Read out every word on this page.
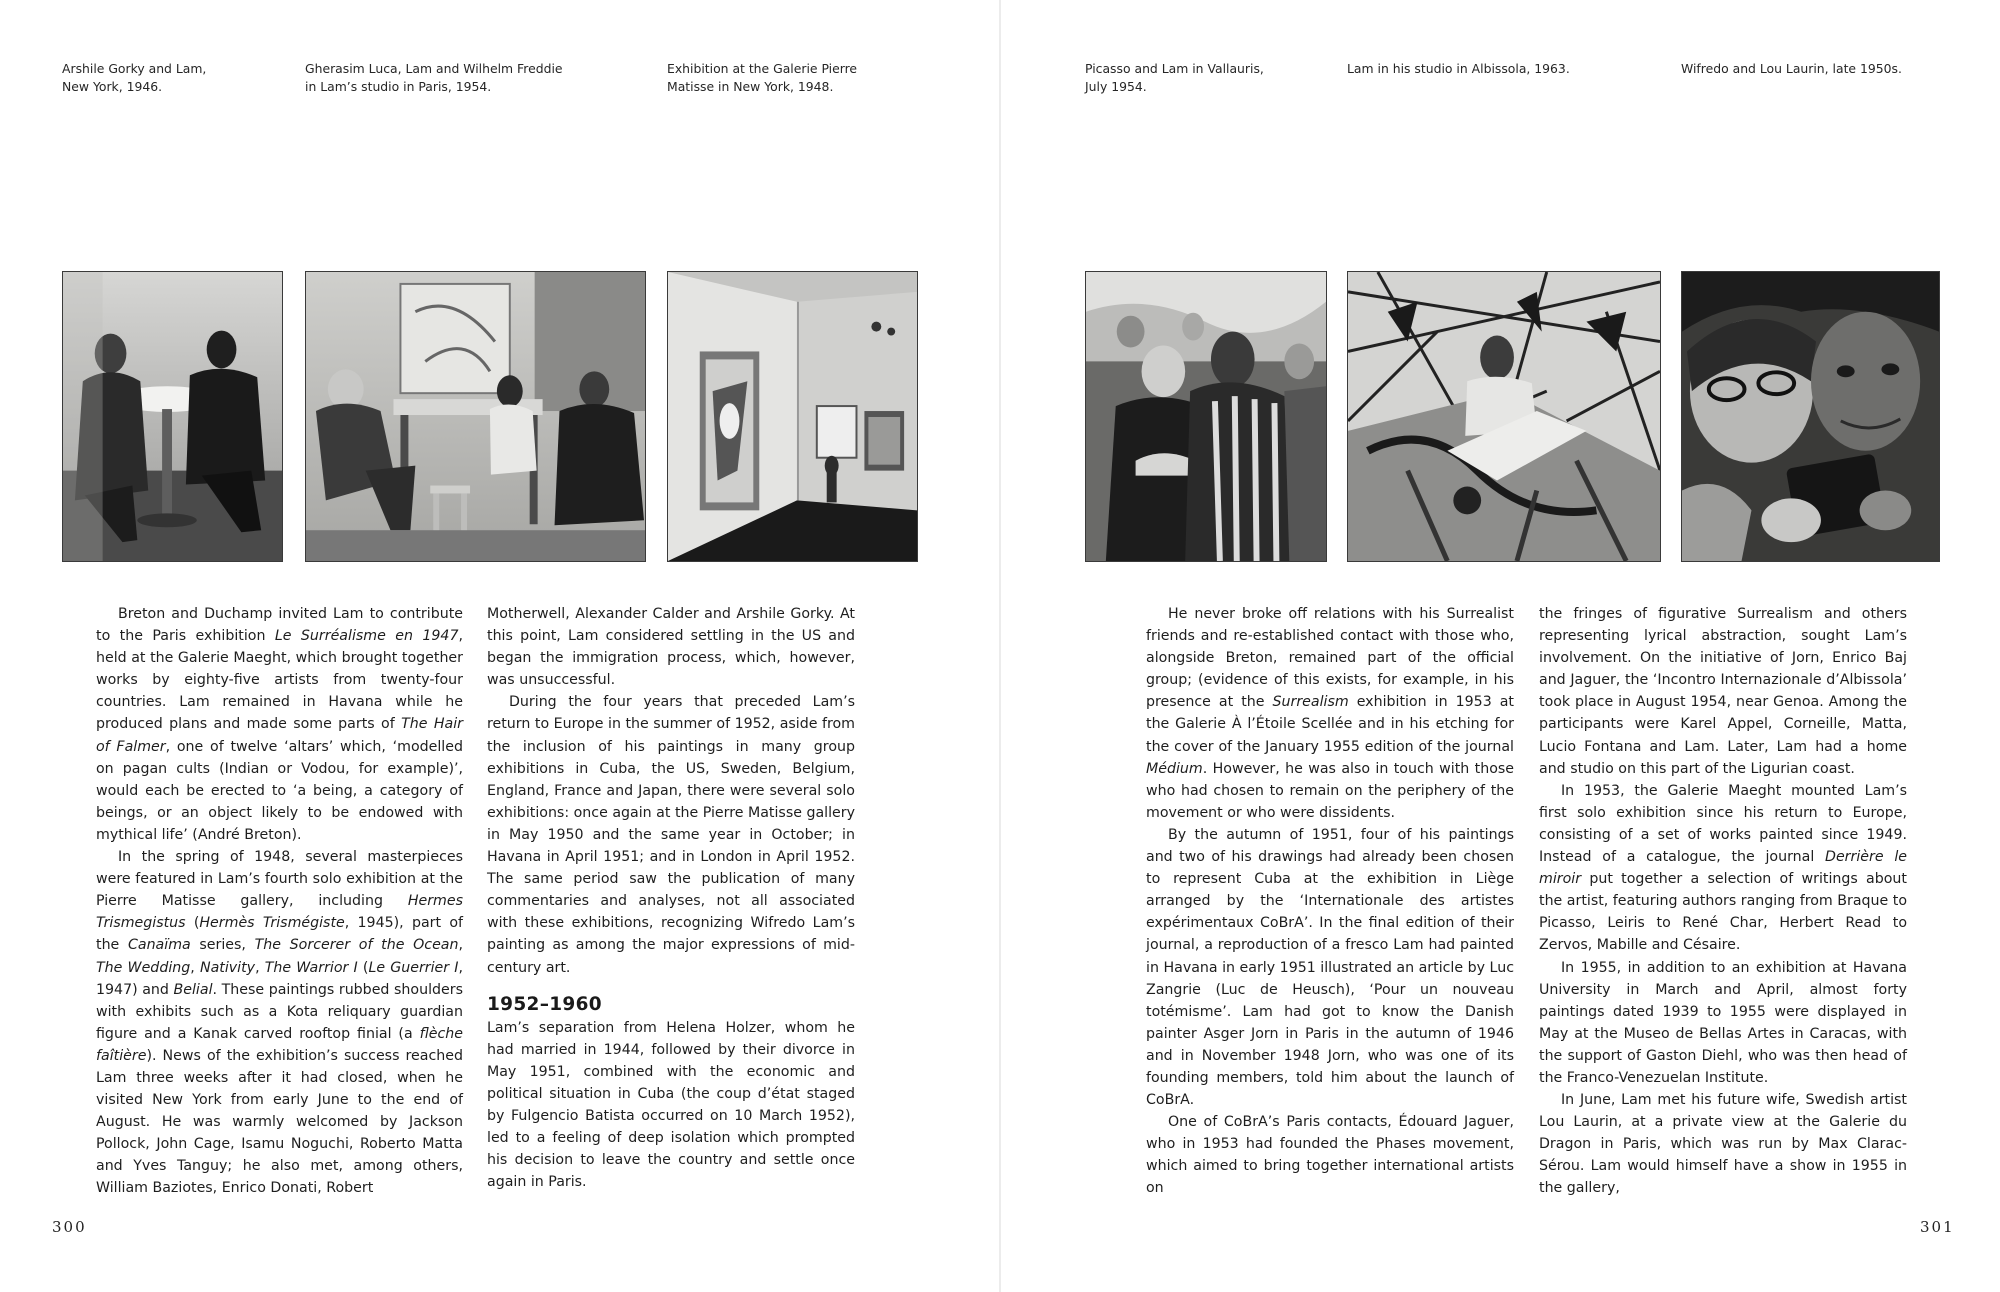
Arshile Gorky and Lam,
New York, 1946.
Gherasim Luca, Lam and Wilhelm Freddie
in Lam’s studio in Paris, 1954.
Exhibition at the Galerie Pierre
Matisse in New York, 1948.
Picasso and Lam in Vallauris,
July 1954.
Lam in his studio in Albissola, 1963.	Wifredo and Lou Laurin, late 1950s.

Breton and Duchamp invited Lam to contribute to the Paris exhibition Le Surréalisme en 1947, held at the Galerie Maeght, which brought together works by eighty-five artists from twenty-four countries. Lam remained in Havana while he produced plans and made some parts of The Hair of Falmer, one of twelve ‘altars’ which, ‘modelled on pagan cults (Indian or Vodou, for example)’, would each be erected to ‘a being, a category of beings, or an object likely to be endowed with mythical life’ (André Breton).

In the spring of 1948, several masterpieces were featured in Lam’s fourth solo exhibition at the Pierre Matisse gallery, including Hermes Trismegistus (Hermès Trismégiste, 1945), part of the Canaïma series, The Sorcerer of the Ocean, The Wedding, Nativity, The Warrior I (Le Guerrier I, 1947) and Belial. These paintings rubbed shoulders with exhibits such as a Kota reliquary guardian figure and a Kanak carved rooftop finial (a flèche faîtière). News of the exhibition’s success reached Lam three weeks after it had closed, when he visited New York from early June to the end of August. He was warmly welcomed by Jackson Pollock, John Cage, Isamu Noguchi, Roberto Matta and Yves Tanguy; he also met, among others, William Baziotes, Enrico Donati, Robert

Motherwell, Alexander Calder and Arshile Gorky. At this point, Lam considered settling in the US and began the immigration process, which, however, was unsuccessful.

During the four years that preceded Lam’s return to Europe in the summer of 1952, aside from the inclusion of his paintings in many group exhibitions in Cuba, the US, Sweden, Belgium, England, France and Japan, there were several solo exhibitions: once again at the Pierre Matisse gallery in May 1950 and the same year in October; in Havana in April 1951; and in London in April 1952. The same period saw the publication of many commentaries and analyses, not all associated with these exhibitions, recognizing Wifredo Lam’s painting as among the major expressions of mid-century art.

1952–1960

Lam’s separation from Helena Holzer, whom he had married in 1944, followed by their divorce in May 1951, combined with the economic and political situation in Cuba (the coup d’état staged by Fulgencio Batista occurred on 10 March 1952), led to a feeling of deep isolation which prompted his decision to leave the country and settle once again in Paris.

He never broke off relations with his Surrealist friends and re-established contact with those who, alongside Breton, remained part of the official group; (evidence of this exists, for example, in his presence at the Surrealism exhibition in 1953 at the Galerie À l’Étoile Scellée and in his etching for the cover of the January 1955 edition of the journal Médium. However, he was also in touch with those who had chosen to remain on the periphery of the movement or who were dissidents.

By the autumn of 1951, four of his paintings and two of his drawings had already been chosen to represent Cuba at the exhibition in Liège arranged by the ‘Internationale des artistes expérimentaux CoBrA’. In the final edition of their journal, a reproduction of a fresco Lam had painted in Havana in early 1951 illustrated an article by Luc Zangrie (Luc de Heusch), ‘Pour un nouveau totémisme’. Lam had got to know the Danish painter Asger Jorn in Paris in the autumn of 1946 and in November 1948 Jorn, who was one of its founding members, told him about the launch of CoBrA.

One of CoBrA’s Paris contacts, Édouard Jaguer, who in 1953 had founded the Phases movement, which aimed to bring together international artists on

the fringes of figurative Surrealism and others representing lyrical abstraction, sought Lam’s involvement. On the initiative of Jorn, Enrico Baj and Jaguer, the ‘Incontro Internazionale d’Albissola’ took place in August 1954, near Genoa. Among the participants were Karel Appel, Corneille, Matta, Lucio Fontana and Lam. Later, Lam had a home and studio on this part of the Ligurian coast.

In 1953, the Galerie Maeght mounted Lam’s first solo exhibition since his return to Europe, consisting of a set of works painted since 1949. Instead of a catalogue, the journal Derrière le miroir put together a selection of writings about the artist, featuring authors ranging from Braque to Picasso, Leiris to René Char, Herbert Read to Zervos, Mabille and Césaire.

In 1955, in addition to an exhibition at Havana University in March and April, almost forty paintings dated 1939 to 1955 were displayed in May at the Museo de Bellas Artes in Caracas, with the support of Gaston Diehl, who was then head of the Franco-Venezuelan Institute.

In June, Lam met his future wife, Swedish artist Lou Laurin, at a private view at the Galerie du Dragon in Paris, which was run by Max Clarac-Sérou. Lam would himself have a show in 1955 in the gallery,

300	301
